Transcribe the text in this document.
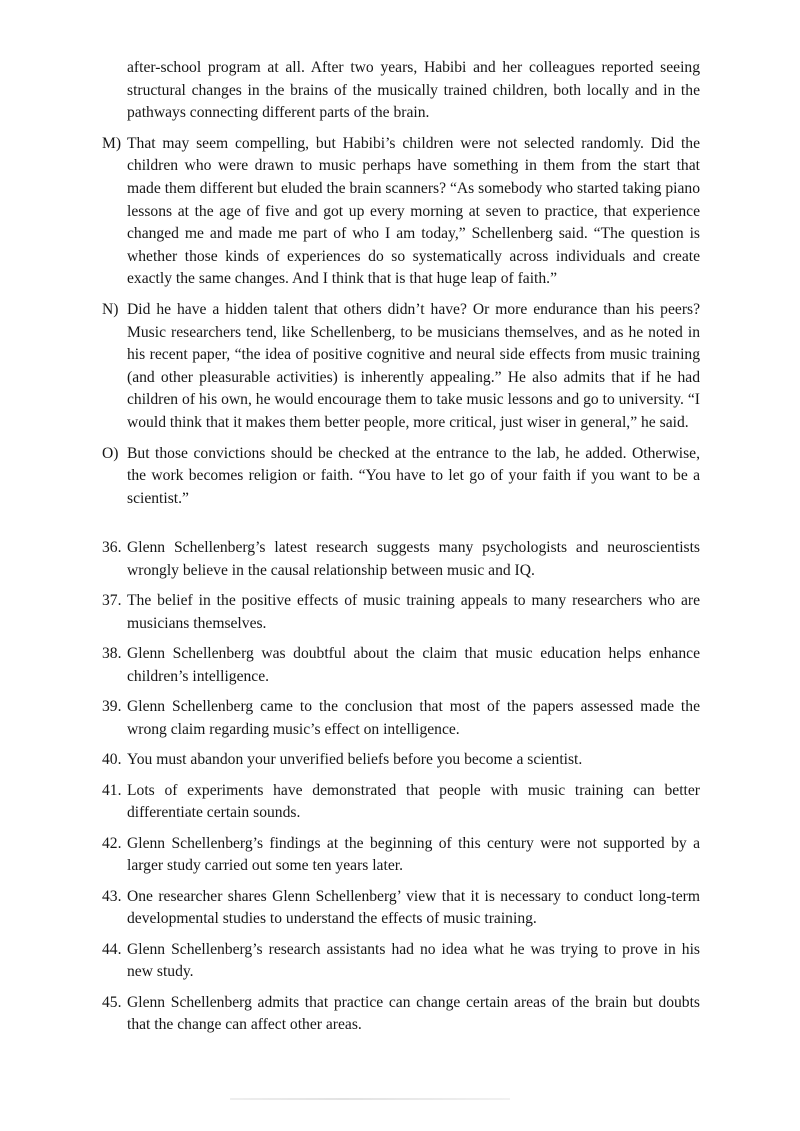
after-school program at all. After two years, Habibi and her colleagues reported seeing structural changes in the brains of the musically trained children, both locally and in the pathways connecting different parts of the brain.

M) That may seem compelling, but Habibi’s children were not selected randomly. Did the children who were drawn to music perhaps have something in them from the start that made them different but eluded the brain scanners? “As somebody who started taking piano lessons at the age of five and got up every morning at seven to practice, that experience changed me and made me part of who I am today,” Schellenberg said. “The question is whether those kinds of experiences do so systematically across individuals and create exactly the same changes. And I think that is that huge leap of faith.”
N) Did he have a hidden talent that others didn’t have? Or more endurance than his peers? Music researchers tend, like Schellenberg, to be musicians themselves, and as he noted in his recent paper, “the idea of positive cognitive and neural side effects from music training (and other pleasurable activities) is inherently appealing.” He also admits that if he had children of his own, he would encourage them to take music lessons and go to university. “I would think that it makes them better people, more critical, just wiser in general,” he said.
O) But those convictions should be checked at the entrance to the lab, he added. Otherwise, the work becomes religion or faith. “You have to let go of your faith if you want to be a scientist.”
36. Glenn Schellenberg’s latest research suggests many psychologists and neuroscientists wrongly believe in the causal relationship between music and IQ.
37. The belief in the positive effects of music training appeals to many researchers who are musicians themselves.
38. Glenn Schellenberg was doubtful about the claim that music education helps enhance children’s intelligence.
39. Glenn Schellenberg came to the conclusion that most of the papers assessed made the wrong claim regarding music’s effect on intelligence.
40. You must abandon your unverified beliefs before you become a scientist.
41. Lots of experiments have demonstrated that people with music training can better differentiate certain sounds.
42. Glenn Schellenberg’s findings at the beginning of this century were not supported by a larger study carried out some ten years later.
43. One researcher shares Glenn Schellenberg’ view that it is necessary to conduct long-term developmental studies to understand the effects of music training.
44. Glenn Schellenberg’s research assistants had no idea what he was trying to prove in his new study.
45. Glenn Schellenberg admits that practice can change certain areas of the brain but doubts that the change can affect other areas.
